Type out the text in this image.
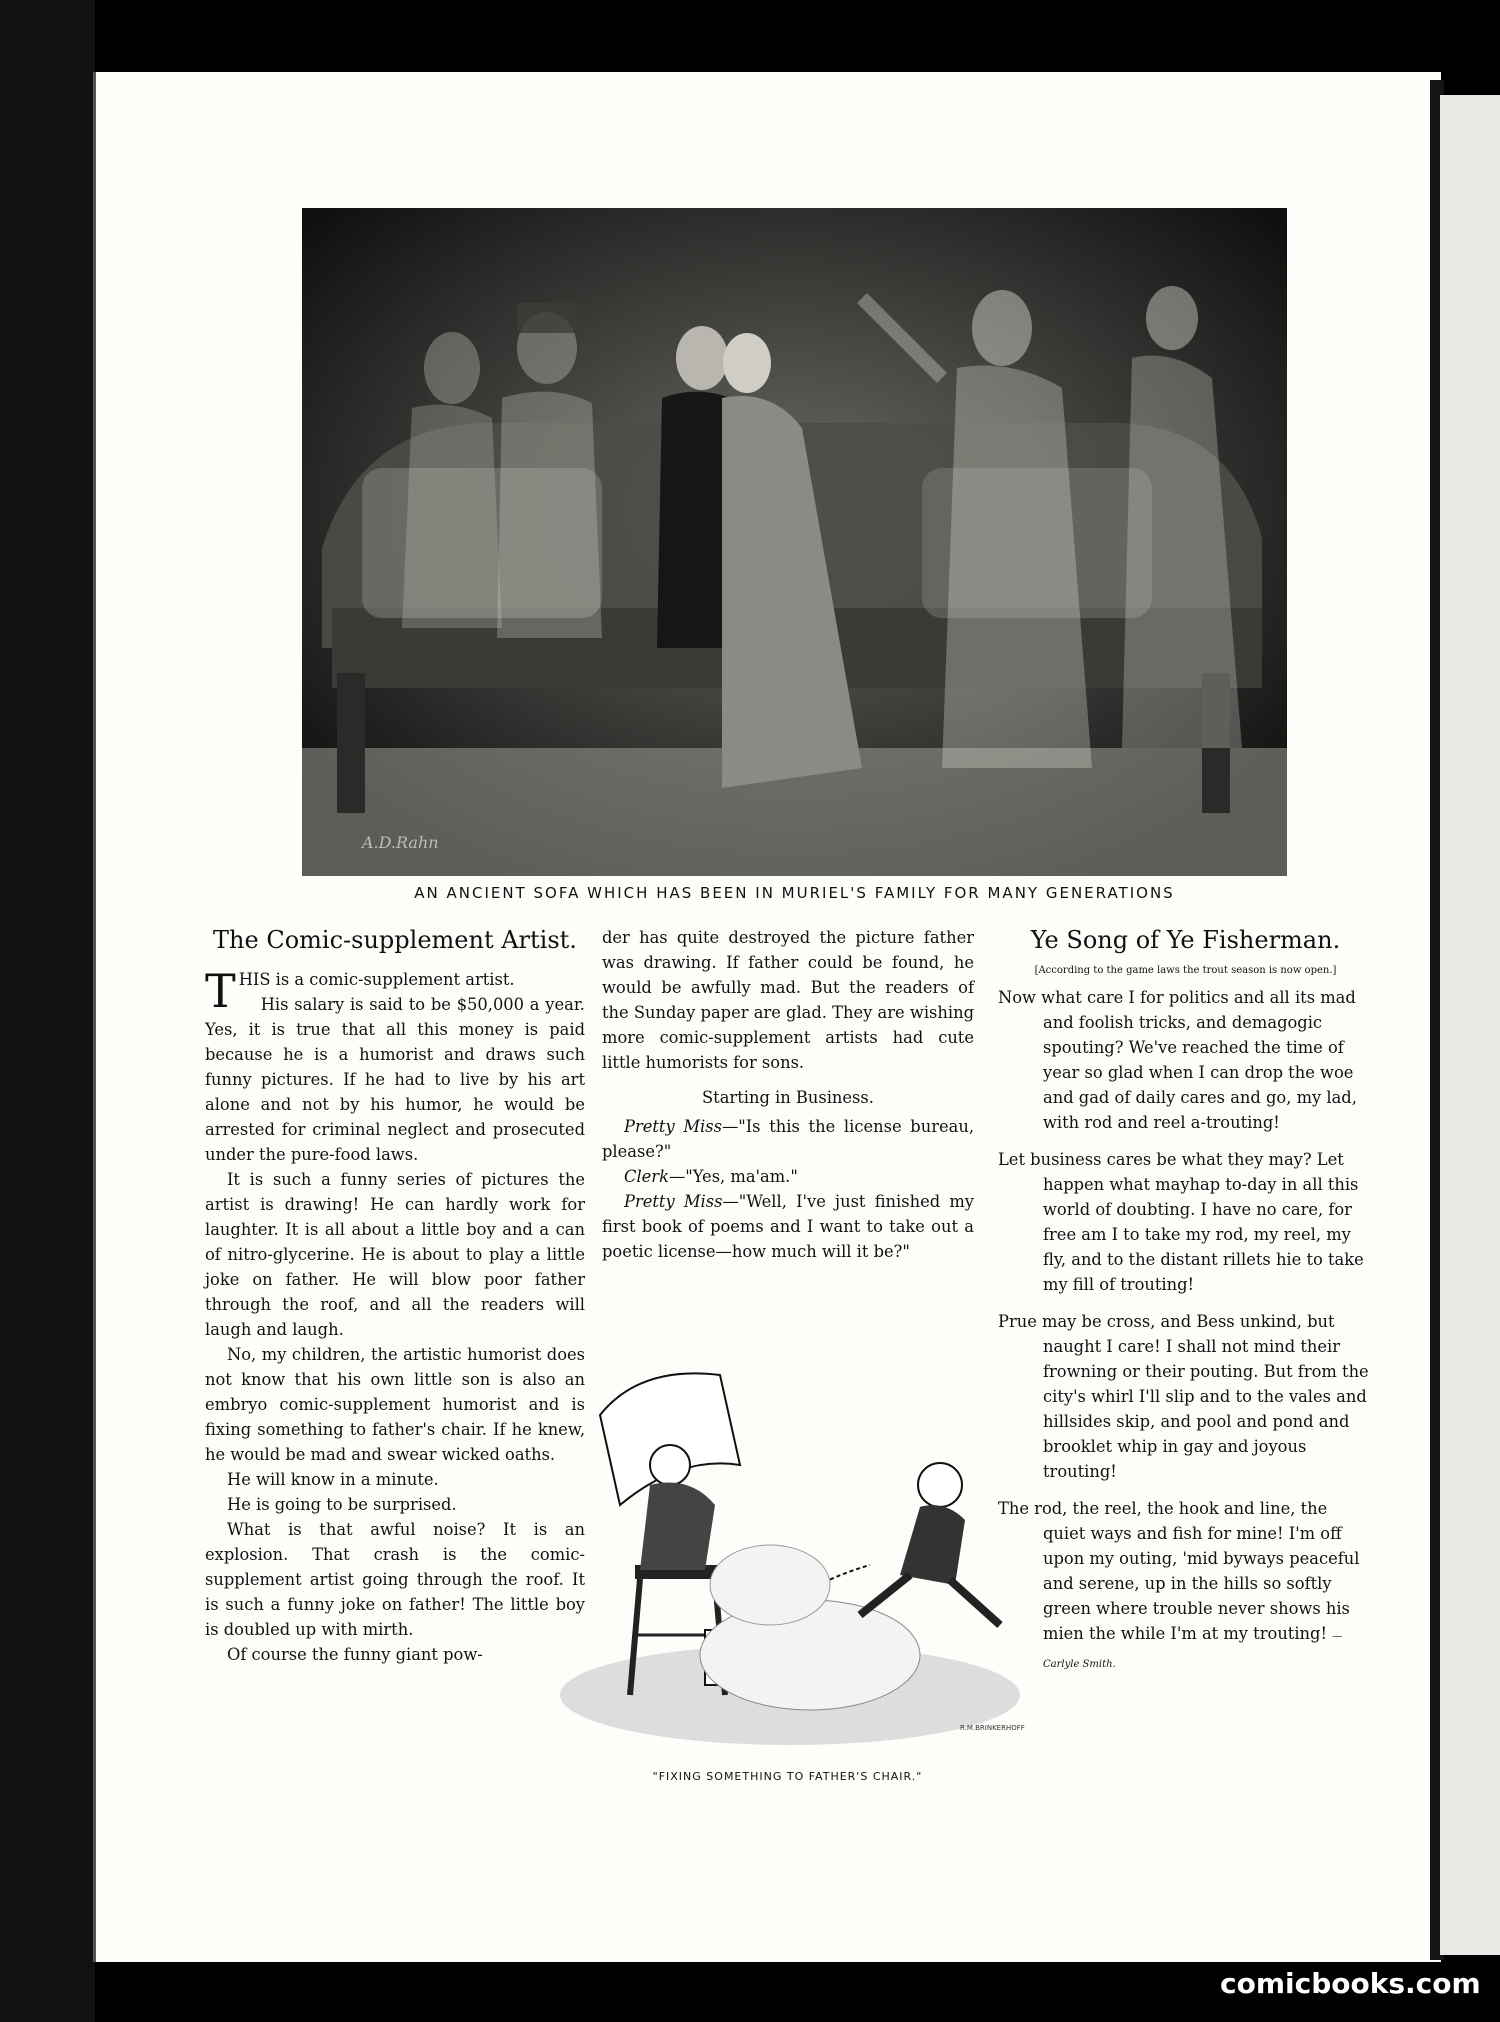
A.D.Rahn
AN ANCIENT SOFA WHICH HAS BEEN IN MURIEL'S FAMILY FOR MANY GENERATIONS
The Comic-supplement Artist.

THIS is a comic-supplement artist.

His salary is said to be $50,000 a year. Yes, it is true that all this money is paid because he is a humorist and draws such funny pictures. If he had to live by his art alone and not by his humor, he would be arrested for criminal neglect and prosecuted under the pure-food laws.

It is such a funny series of pictures the artist is drawing! He can hardly work for laughter. It is all about a little boy and a can of nitro-glycerine. He is about to play a little joke on father. He will blow poor father through the roof, and all the readers will laugh and laugh.

No, my children, the artistic humorist does not know that his own little son is also an embryo comic-supplement humorist and is fixing something to father's chair. If he knew, he would be mad and swear wicked oaths.

He will know in a minute.

He is going to be surprised.

What is that awful noise? It is an explosion. That crash is the comic-supplement artist going through the roof. It is such a funny joke on father! The little boy is doubled up with mirth.

Of course the funny giant pow-

der has quite destroyed the picture father was drawing. If father could be found, he would be awfully mad. But the readers of the Sunday paper are glad. They are wishing more comic-supplement artists had cute little humorists for sons.

Starting in Business.

Pretty Miss—"Is this the license bureau, please?"

Clerk—"Yes, ma'am."

Pretty Miss—"Well, I've just finished my first book of poems and I want to take out a poetic license—how much will it be?"

R.M.BRINKERHOFF
"FIXING SOMETHING TO FATHER'S CHAIR."
Ye Song of Ye Fisherman.
[According to the game laws the trout season is now open.]

Now what care I for politics and all its mad and foolish tricks, and demagogic spouting? We've reached the time of year so glad when I can drop the woe and gad of daily cares and go, my lad, with rod and reel a-trouting!

Let business cares be what they may? Let happen what mayhap to-day in all this world of doubting. I have no care, for free am I to take my rod, my reel, my fly, and to the distant rillets hie to take my fill of trouting!

Prue may be cross, and Bess unkind, but naught I care! I shall not mind their frowning or their pouting. But from the city's whirl I'll slip and to the vales and hillsides skip, and pool and pond and brooklet whip in gay and joyous trouting!

The rod, the reel, the hook and line, the quiet ways and fish for mine! I'm off upon my outing, 'mid byways peaceful and serene, up in the hills so softly green where trouble never shows his mien the while I'm at my trouting! —Carlyle Smith.

comicbooks.com
